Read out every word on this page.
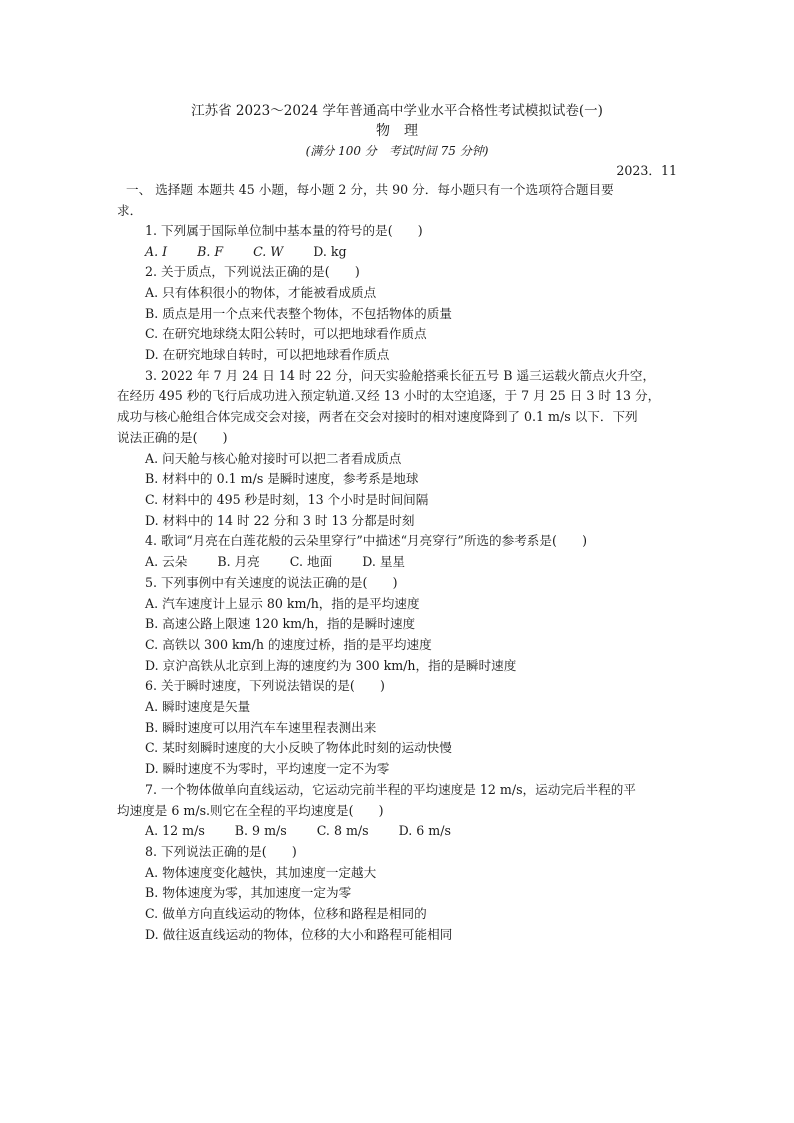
江苏省 2023～2024 学年普通高中学业水平合格性考试模拟试卷(一)
物理
(满分 100 分　考试时间 75 分钟)
2023．11
一、 选择题 本题共 45 小题，每小题 2 分，共 90 分．每小题只有一个选项符合题目要
求．
1. 下列属于国际单位制中基本量的符号的是(　　)
A. I B. F C. W D. kg
2. 关于质点，下列说法正确的是(　　)
A. 只有体积很小的物体，才能被看成质点
B. 质点是用一个点来代表整个物体，不包括物体的质量
C. 在研究地球绕太阳公转时，可以把地球看作质点
D. 在研究地球自转时，可以把地球看作质点
3. 2022 年 7 月 24 日 14 时 22 分，问天实验舱搭乘长征五号 B 遥三运载火箭点火升空，
在经历 495 秒的飞行后成功进入预定轨道.又经 13 小时的太空追逐，于 7 月 25 日 3 时 13 分，
成功与核心舱组合体完成交会对接，两者在交会对接时的相对速度降到了 0.1 m/s 以下．下列
说法正确的是(　　)
A. 问天舱与核心舱对接时可以把二者看成质点
B. 材料中的 0.1 m/s 是瞬时速度，参考系是地球
C. 材料中的 495 秒是时刻，13 个小时是时间间隔
D. 材料中的 14 时 22 分和 3 时 13 分都是时刻
4. 歌词“月亮在白莲花般的云朵里穿行”中描述“月亮穿行”所选的参考系是(　　)
A. 云朵 B. 月亮 C. 地面 D. 星星
5. 下列事例中有关速度的说法正确的是(　　)
A. 汽车速度计上显示 80 km/h，指的是平均速度
B. 高速公路上限速 120 km/h，指的是瞬时速度
C. 高铁以 300 km/h 的速度过桥，指的是平均速度
D. 京沪高铁从北京到上海的速度约为 300 km/h，指的是瞬时速度
6. 关于瞬时速度，下列说法错误的是(　　)
A. 瞬时速度是矢量
B. 瞬时速度可以用汽车车速里程表测出来
C. 某时刻瞬时速度的大小反映了物体此时刻的运动快慢
D. 瞬时速度不为零时，平均速度一定不为零
7. 一个物体做单向直线运动，它运动完前半程的平均速度是 12 m/s，运动完后半程的平
均速度是 6 m/s.则它在全程的平均速度是(　　)
A. 12 m/s B. 9 m/s C. 8 m/s D. 6 m/s
8. 下列说法正确的是(　　)
A. 物体速度变化越快，其加速度一定越大
B. 物体速度为零，其加速度一定为零
C. 做单方向直线运动的物体，位移和路程是相同的
D. 做往返直线运动的物体，位移的大小和路程可能相同
